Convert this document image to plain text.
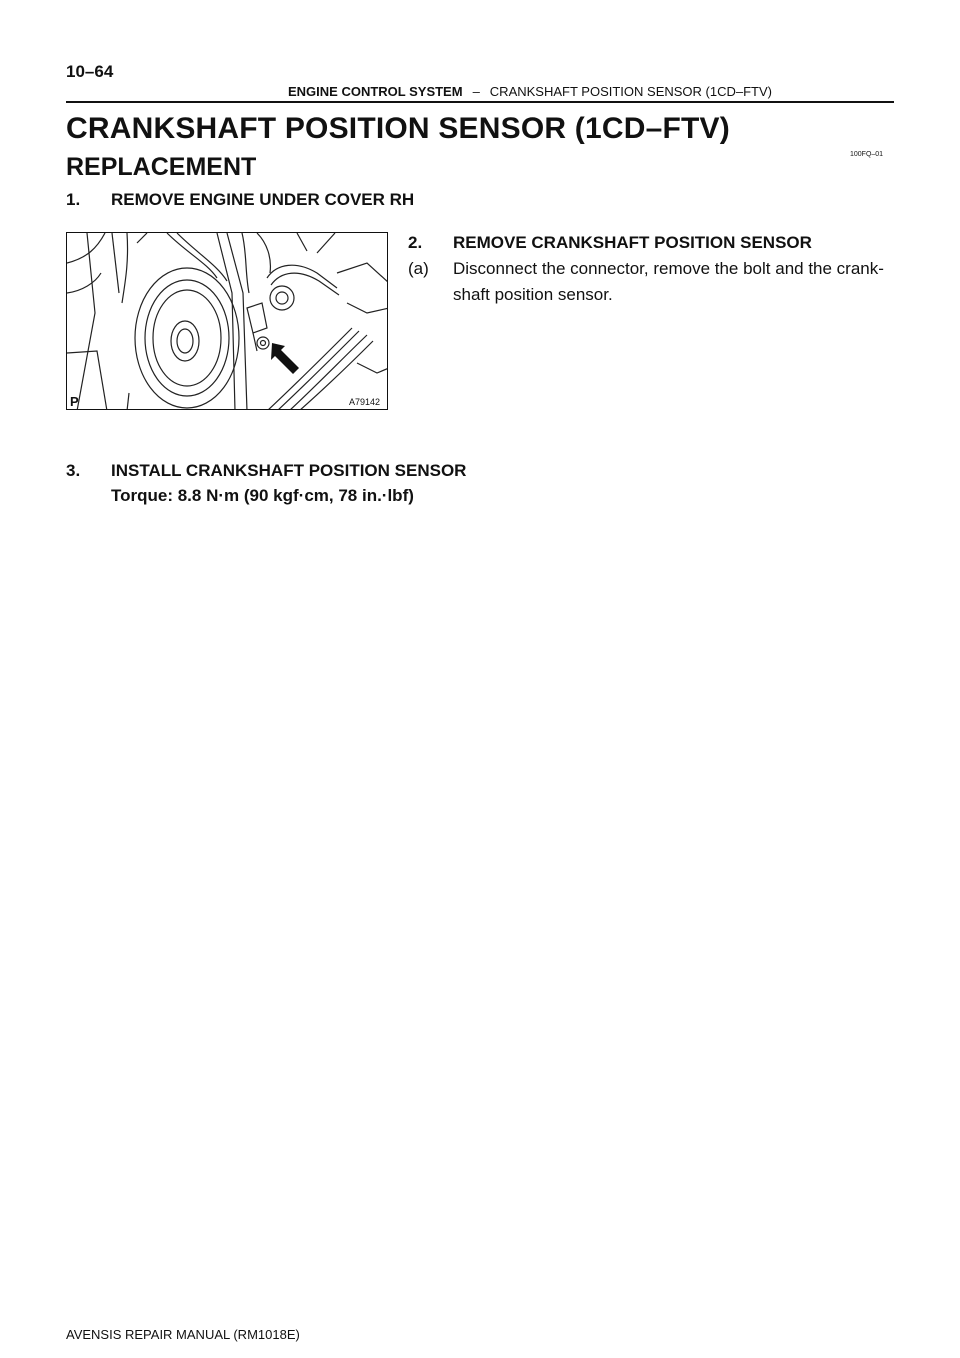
10–64
ENGINE CONTROL SYSTEM – CRANKSHAFT POSITION SENSOR (1CD–FTV)
CRANKSHAFT POSITION SENSOR (1CD–FTV)
100FQ–01
REPLACEMENT
1. REMOVE ENGINE UNDER COVER RH
P	A79142
2. REMOVE CRANKSHAFT POSITION SENSOR
(a)	Disconnect the connector, remove the bolt and the crank-shaft position sensor.
3. INSTALL CRANKSHAFT POSITION SENSOR
Torque: 8.8 N·m (90 kgf·cm, 78 in.·lbf)
AVENSIS REPAIR MANUAL (RM1018E)
